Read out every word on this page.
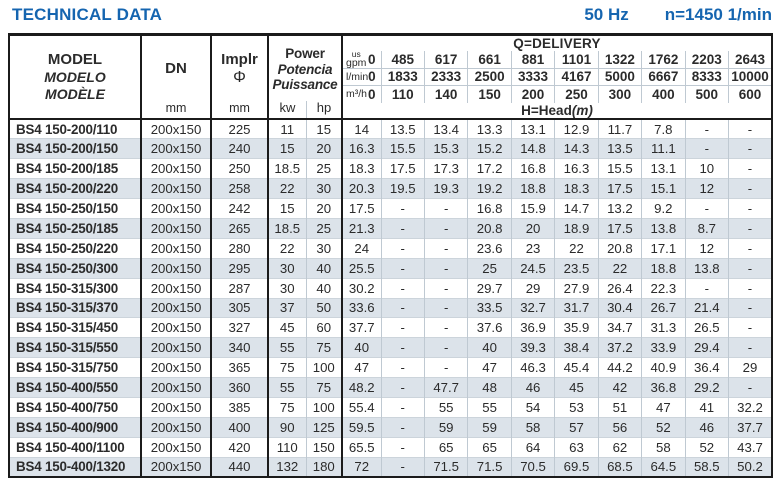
TECHNICAL DATA	50 Hz n=1450 1/min
MODEL
MODELO
MODÈLE

DN
mm

Implr
Φ
mm

Power
Potencia
Puissance
kw	hp
	Q=DELIVERY

					us
gpm 0	485	617	661	881	1101	1322	1762	2203	2643

					l/min 0	1833	2333	2500	3333	4167	5000	6667	8333	10000

					m³/h 0	110	140	150	200	250	300	400	500	600
					H=Head(m)									
BS4 150-200/110	200x150	225	11	15	14	13.5	13.4	13.3	13.1	12.9	11.7	7.8	-	-
BS4 150-200/150	200x150	240	15	20	16.3	15.5	15.3	15.2	14.8	14.3	13.5	11.1	-	-
BS4 150-200/185	200x150	250	18.5	25	18.3	17.5	17.3	17.2	16.8	16.3	15.5	13.1	10	-
BS4 150-200/220	200x150	258	22	30	20.3	19.5	19.3	19.2	18.8	18.3	17.5	15.1	12	-
BS4 150-250/150	200x150	242	15	20	17.5	-	-	16.8	15.9	14.7	13.2	9.2	-	-
BS4 150-250/185	200x150	265	18.5	25	21.3	-	-	20.8	20	18.9	17.5	13.8	8.7	-
BS4 150-250/220	200x150	280	22	30	24	-	-	23.6	23	22	20.8	17.1	12	-
BS4 150-250/300	200x150	295	30	40	25.5	-	-	25	24.5	23.5	22	18.8	13.8	-
BS4 150-315/300	200x150	287	30	40	30.2	-	-	29.7	29	27.9	26.4	22.3	-	-
BS4 150-315/370	200x150	305	37	50	33.6	-	-	33.5	32.7	31.7	30.4	26.7	21.4	-
BS4 150-315/450	200x150	327	45	60	37.7	-	-	37.6	36.9	35.9	34.7	31.3	26.5	-
BS4 150-315/550	200x150	340	55	75	40	-	-	40	39.3	38.4	37.2	33.9	29.4	-
BS4 150-315/750	200x150	365	75	100	47	-	-	47	46.3	45.4	44.2	40.9	36.4	29
BS4 150-400/550	200x150	360	55	75	48.2	-	47.7	48	46	45	42	36.8	29.2	-
BS4 150-400/750	200x150	385	75	100	55.4	-	55	55	54	53	51	47	41	32.2
BS4 150-400/900	200x150	400	90	125	59.5	-	59	59	58	57	56	52	46	37.7
BS4 150-400/1100	200x150	420	110	150	65.5	-	65	65	64	63	62	58	52	43.7
BS4 150-400/1320	200x150	440	132	180	72	-	71.5	71.5	70.5	69.5	68.5	64.5	58.5	50.2
